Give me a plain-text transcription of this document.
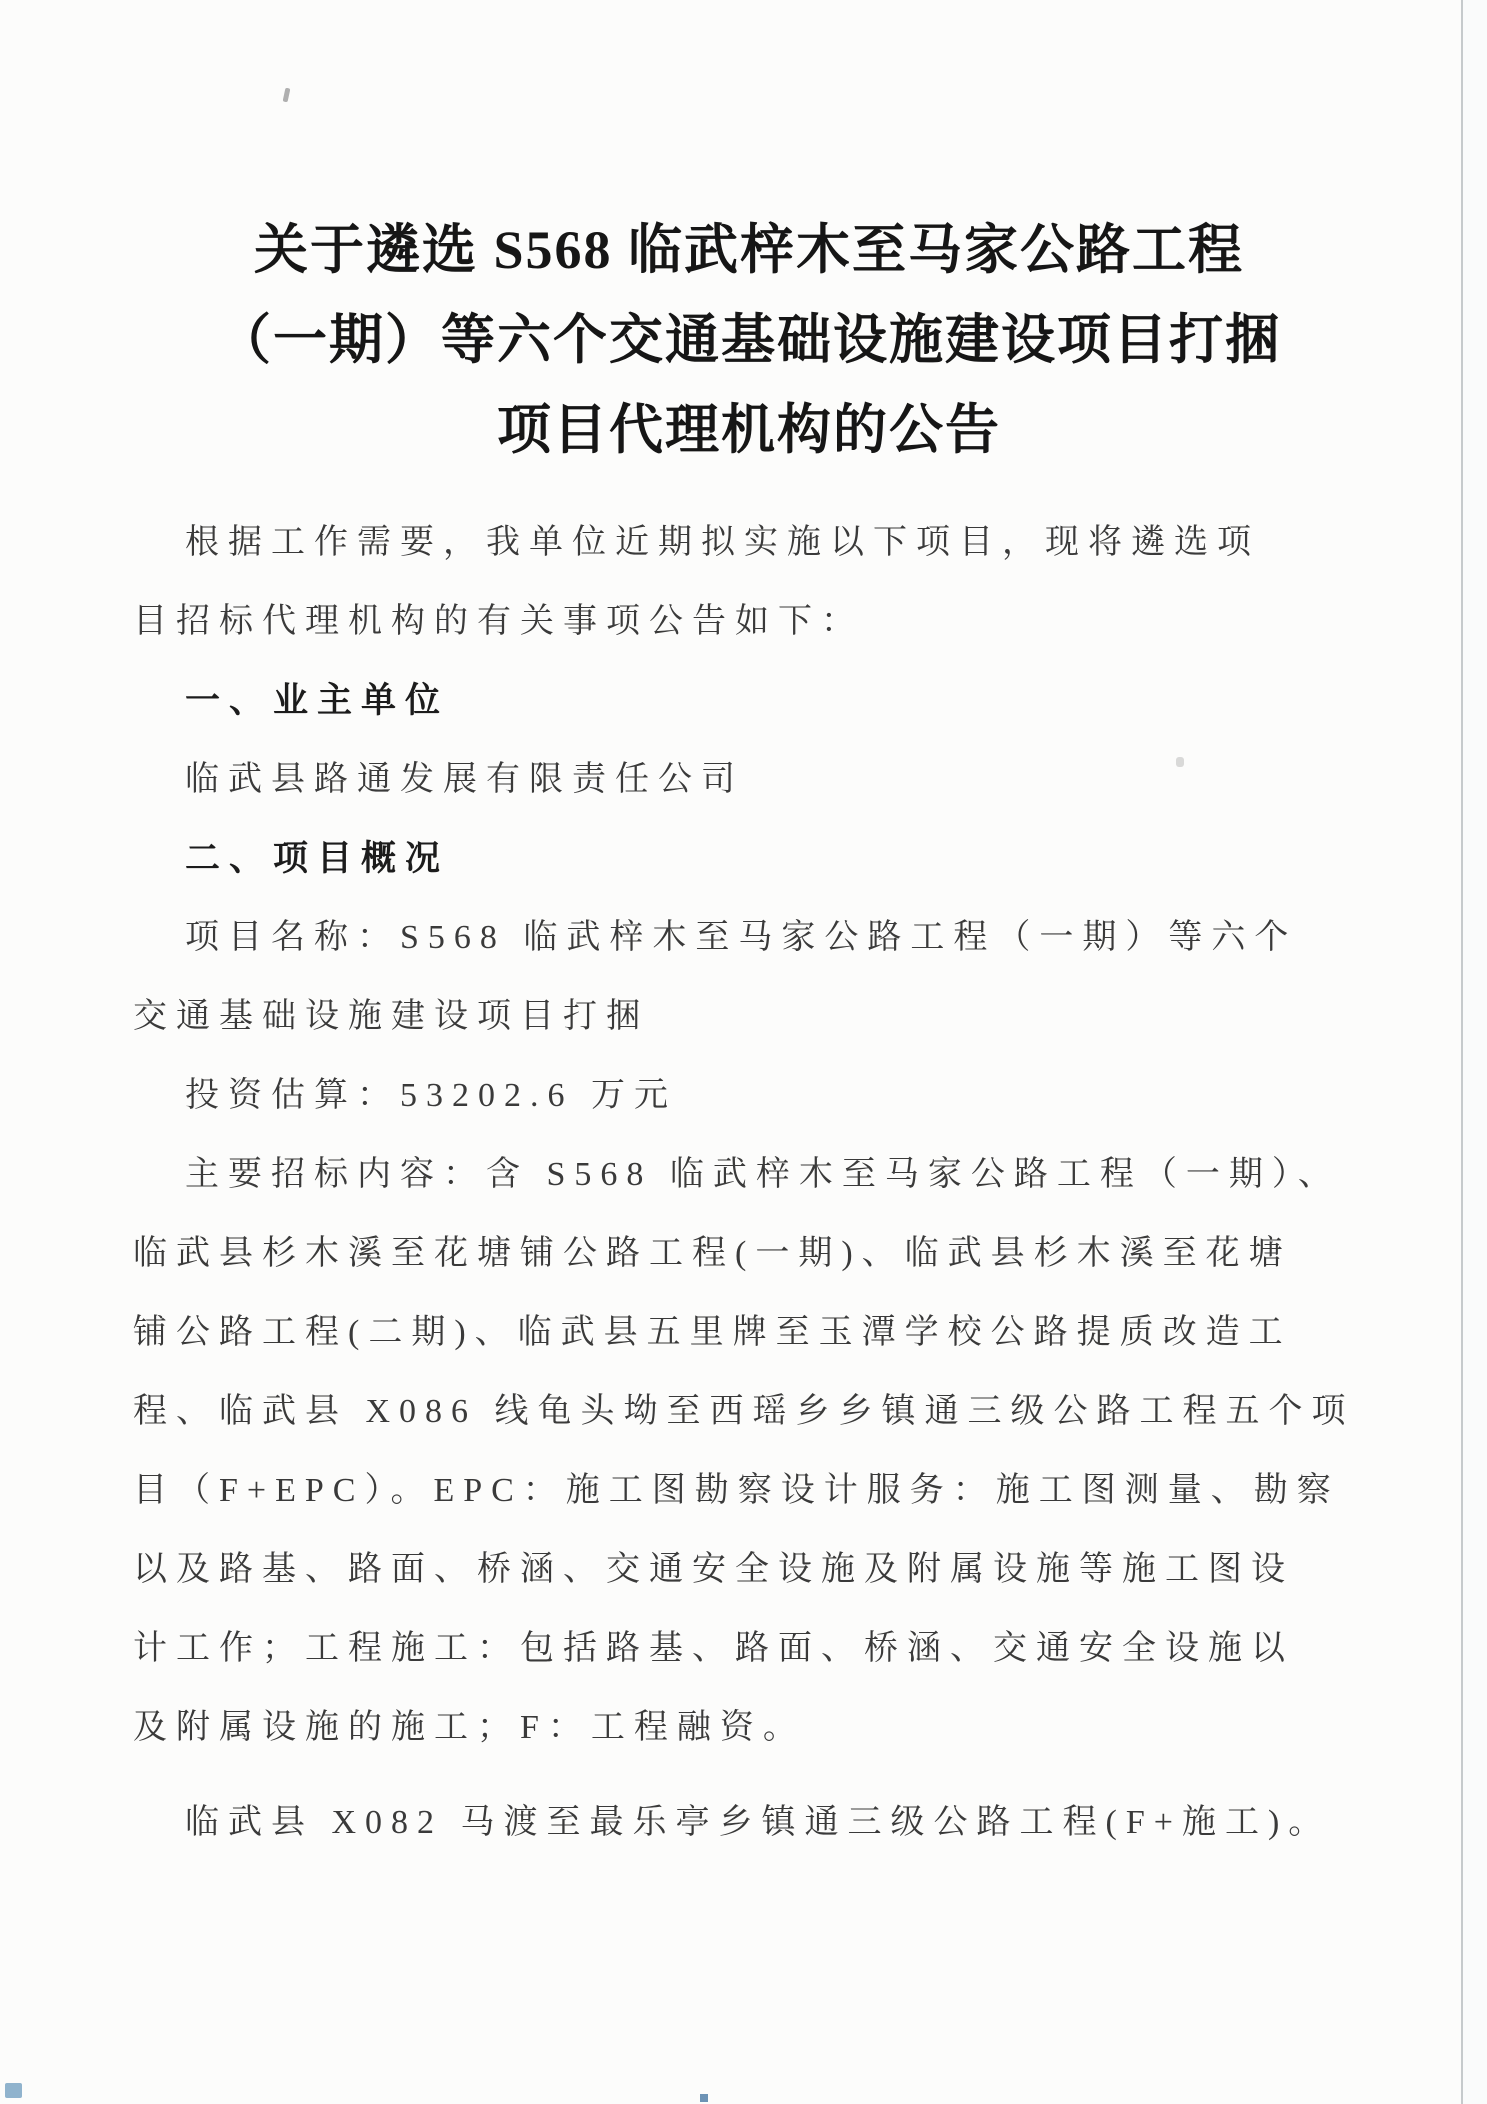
关于遴选 S568 临武梓木至马家公路工程
（一期）等六个交通基础设施建设项目打捆
项目代理机构的公告
根据工作需要，我单位近期拟实施以下项目，现将遴选项
目招标代理机构的有关事项公告如下：
一、业主单位
临武县路通发展有限责任公司
二、项目概况
项目名称：S568 临武梓木至马家公路工程（一期）等六个
交通基础设施建设项目打捆
投资估算：53202.6 万元
主要招标内容：含 S568 临武梓木至马家公路工程（一期）、
临武县杉木溪至花塘铺公路工程(一期)、临武县杉木溪至花塘
铺公路工程(二期)、临武县五里牌至玉潭学校公路提质改造工
程、临武县 X086 线龟头坳至西瑶乡乡镇通三级公路工程五个项
目（F+EPC）。EPC：施工图勘察设计服务：施工图测量、勘察
以及路基、路面、桥涵、交通安全设施及附属设施等施工图设
计工作；工程施工：包括路基、路面、桥涵、交通安全设施以
及附属设施的施工；F：工程融资。
临武县 X082 马渡至最乐亭乡镇通三级公路工程(F+施工)。
